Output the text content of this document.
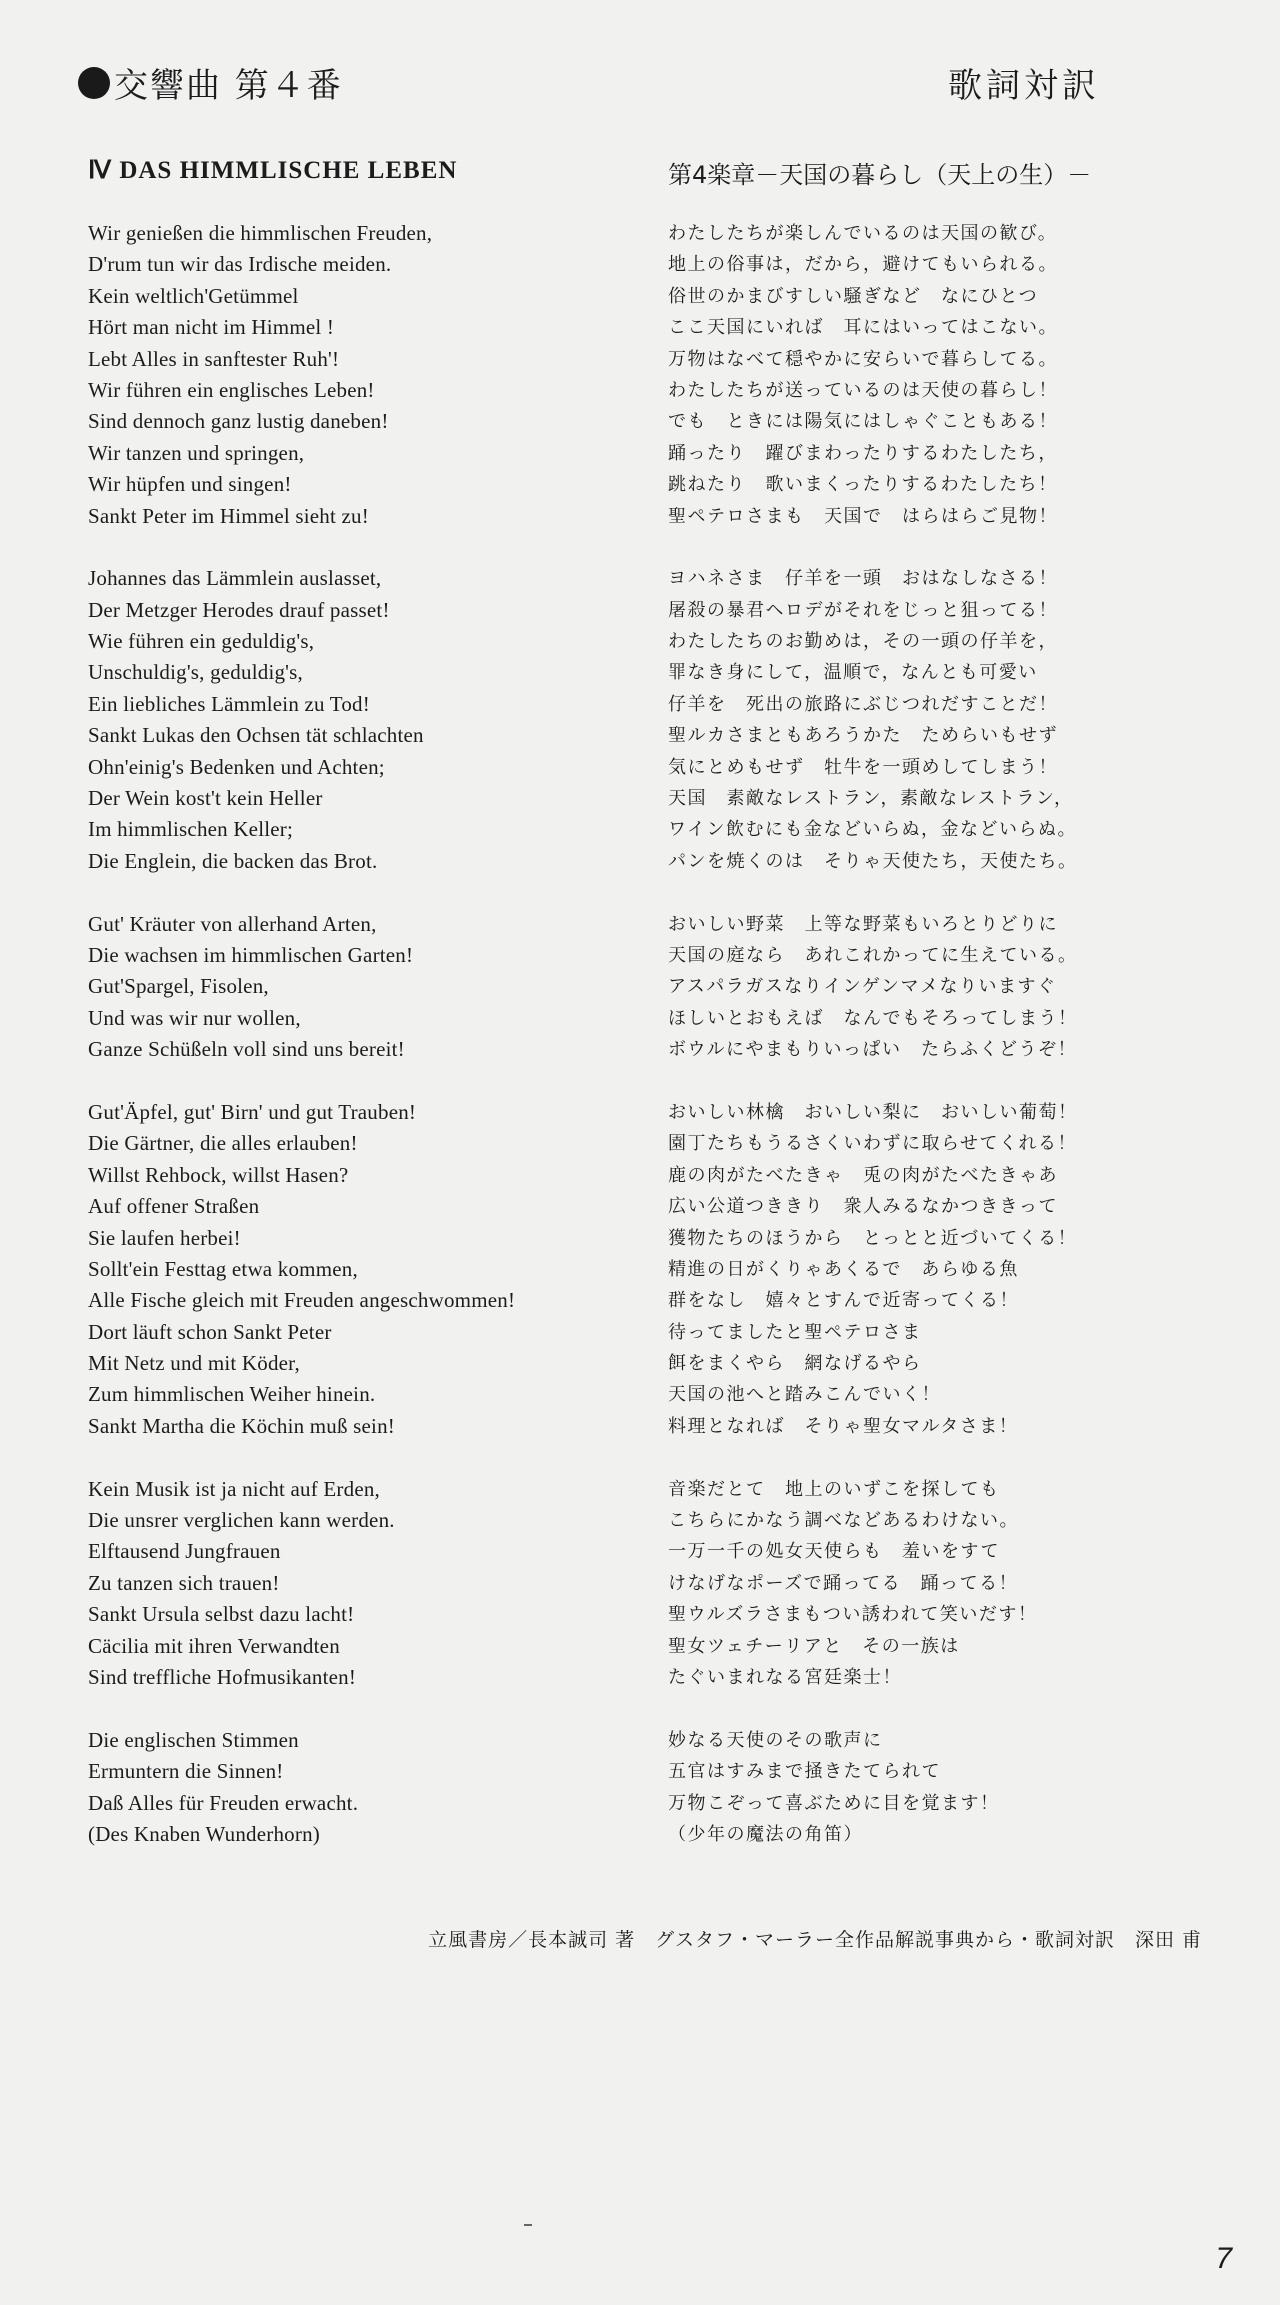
交響曲 第４番	歌詞対訳
Ⅳ DAS HIMMLISCHE LEBEN	第4楽章－天国の暮らし（天上の生）－
Wir genießen die himmlischen Freuden,
D'rum tun wir das Irdische meiden.
Kein weltlich'Getümmel
Hört man nicht im Himmel !
Lebt Alles in sanftester Ruh'!
Wir führen ein englisches Leben!
Sind dennoch ganz lustig daneben!
Wir tanzen und springen,
Wir hüpfen und singen!
Sankt Peter im Himmel sieht zu!
Johannes das Lämmlein auslasset,
Der Metzger Herodes drauf passet!
Wie führen ein geduldig's,
Unschuldig's, geduldig's,
Ein liebliches Lämmlein zu Tod!
Sankt Lukas den Ochsen tät schlachten
Ohn'einig's Bedenken und Achten;
Der Wein kost't kein Heller
Im himmlischen Keller;
Die Englein, die backen das Brot.
Gut' Kräuter von allerhand Arten,
Die wachsen im himmlischen Garten!
Gut'Spargel, Fisolen,
Und was wir nur wollen,
Ganze Schüßeln voll sind uns bereit!
Gut'Äpfel, gut' Birn' und gut Trauben!
Die Gärtner, die alles erlauben!
Willst Rehbock, willst Hasen?
Auf offener Straßen
Sie laufen herbei!
Sollt'ein Festtag etwa kommen,
Alle Fische gleich mit Freuden angeschwommen!
Dort läuft schon Sankt Peter
Mit Netz und mit Köder,
Zum himmlischen Weiher hinein.
Sankt Martha die Köchin muß sein!
Kein Musik ist ja nicht auf Erden,
Die unsrer verglichen kann werden.
Elftausend Jungfrauen
Zu tanzen sich trauen!
Sankt Ursula selbst dazu lacht!
Cäcilia mit ihren Verwandten
Sind treffliche Hofmusikanten!
Die englischen Stimmen
Ermuntern die Sinnen!
Daß Alles für Freuden erwacht.
(Des Knaben Wunderhorn)
わたしたちが楽しんでいるのは天国の歓び。
地上の俗事は，だから，避けてもいられる。
俗世のかまびすしい騒ぎなど　なにひとつ
ここ天国にいれば　耳にはいってはこない。
万物はなべて穏やかに安らいで暮らしてる。
わたしたちが送っているのは天使の暮らし！
でも　ときには陽気にはしゃぐこともある！
踊ったり　躍びまわったりするわたしたち，
跳ねたり　歌いまくったりするわたしたち！
聖ペテロさまも　天国で　はらはらご見物！
ヨハネさま　仔羊を一頭　おはなしなさる！
屠殺の暴君ヘロデがそれをじっと狙ってる！
わたしたちのお勤めは，その一頭の仔羊を，
罪なき身にして，温順で，なんとも可愛い
仔羊を　死出の旅路にぶじつれだすことだ！
聖ルカさまともあろうかた　ためらいもせず
気にとめもせず　牡牛を一頭めしてしまう！
天国　素敵なレストラン，素敵なレストラン，
ワイン飲むにも金などいらぬ，金などいらぬ。
パンを焼くのは　そりゃ天使たち，天使たち。
おいしい野菜　上等な野菜もいろとりどりに
天国の庭なら　あれこれかってに生えている。
アスパラガスなりインゲンマメなりいますぐ
ほしいとおもえば　なんでもそろってしまう！
ボウルにやまもりいっぱい　たらふくどうぞ！
おいしい林檎　おいしい梨に　おいしい葡萄！
園丁たちもうるさくいわずに取らせてくれる！
鹿の肉がたべたきゃ　兎の肉がたべたきゃあ
広い公道つききり　衆人みるなかつききって
獲物たちのほうから　とっとと近づいてくる！
精進の日がくりゃあくるで　あらゆる魚
群をなし　嬉々とすんで近寄ってくる！
待ってましたと聖ペテロさま
餌をまくやら　網なげるやら
天国の池へと踏みこんでいく！
料理となれば　そりゃ聖女マルタさま！
音楽だとて　地上のいずこを探しても
こちらにかなう調べなどあるわけない。
一万一千の処女天使らも　羞いをすて
けなげなポーズで踊ってる　踊ってる！
聖ウルズラさまもつい誘われて笑いだす！
聖女ツェチーリアと　その一族は
たぐいまれなる宮廷楽士！
妙なる天使のその歌声に
五官はすみまで掻きたてられて
万物こぞって喜ぶために目を覚ます！
（少年の魔法の角笛）
立風書房／長本誠司 著　グスタフ・マーラー全作品解説事典から・歌詞対訳　深田 甫
7
